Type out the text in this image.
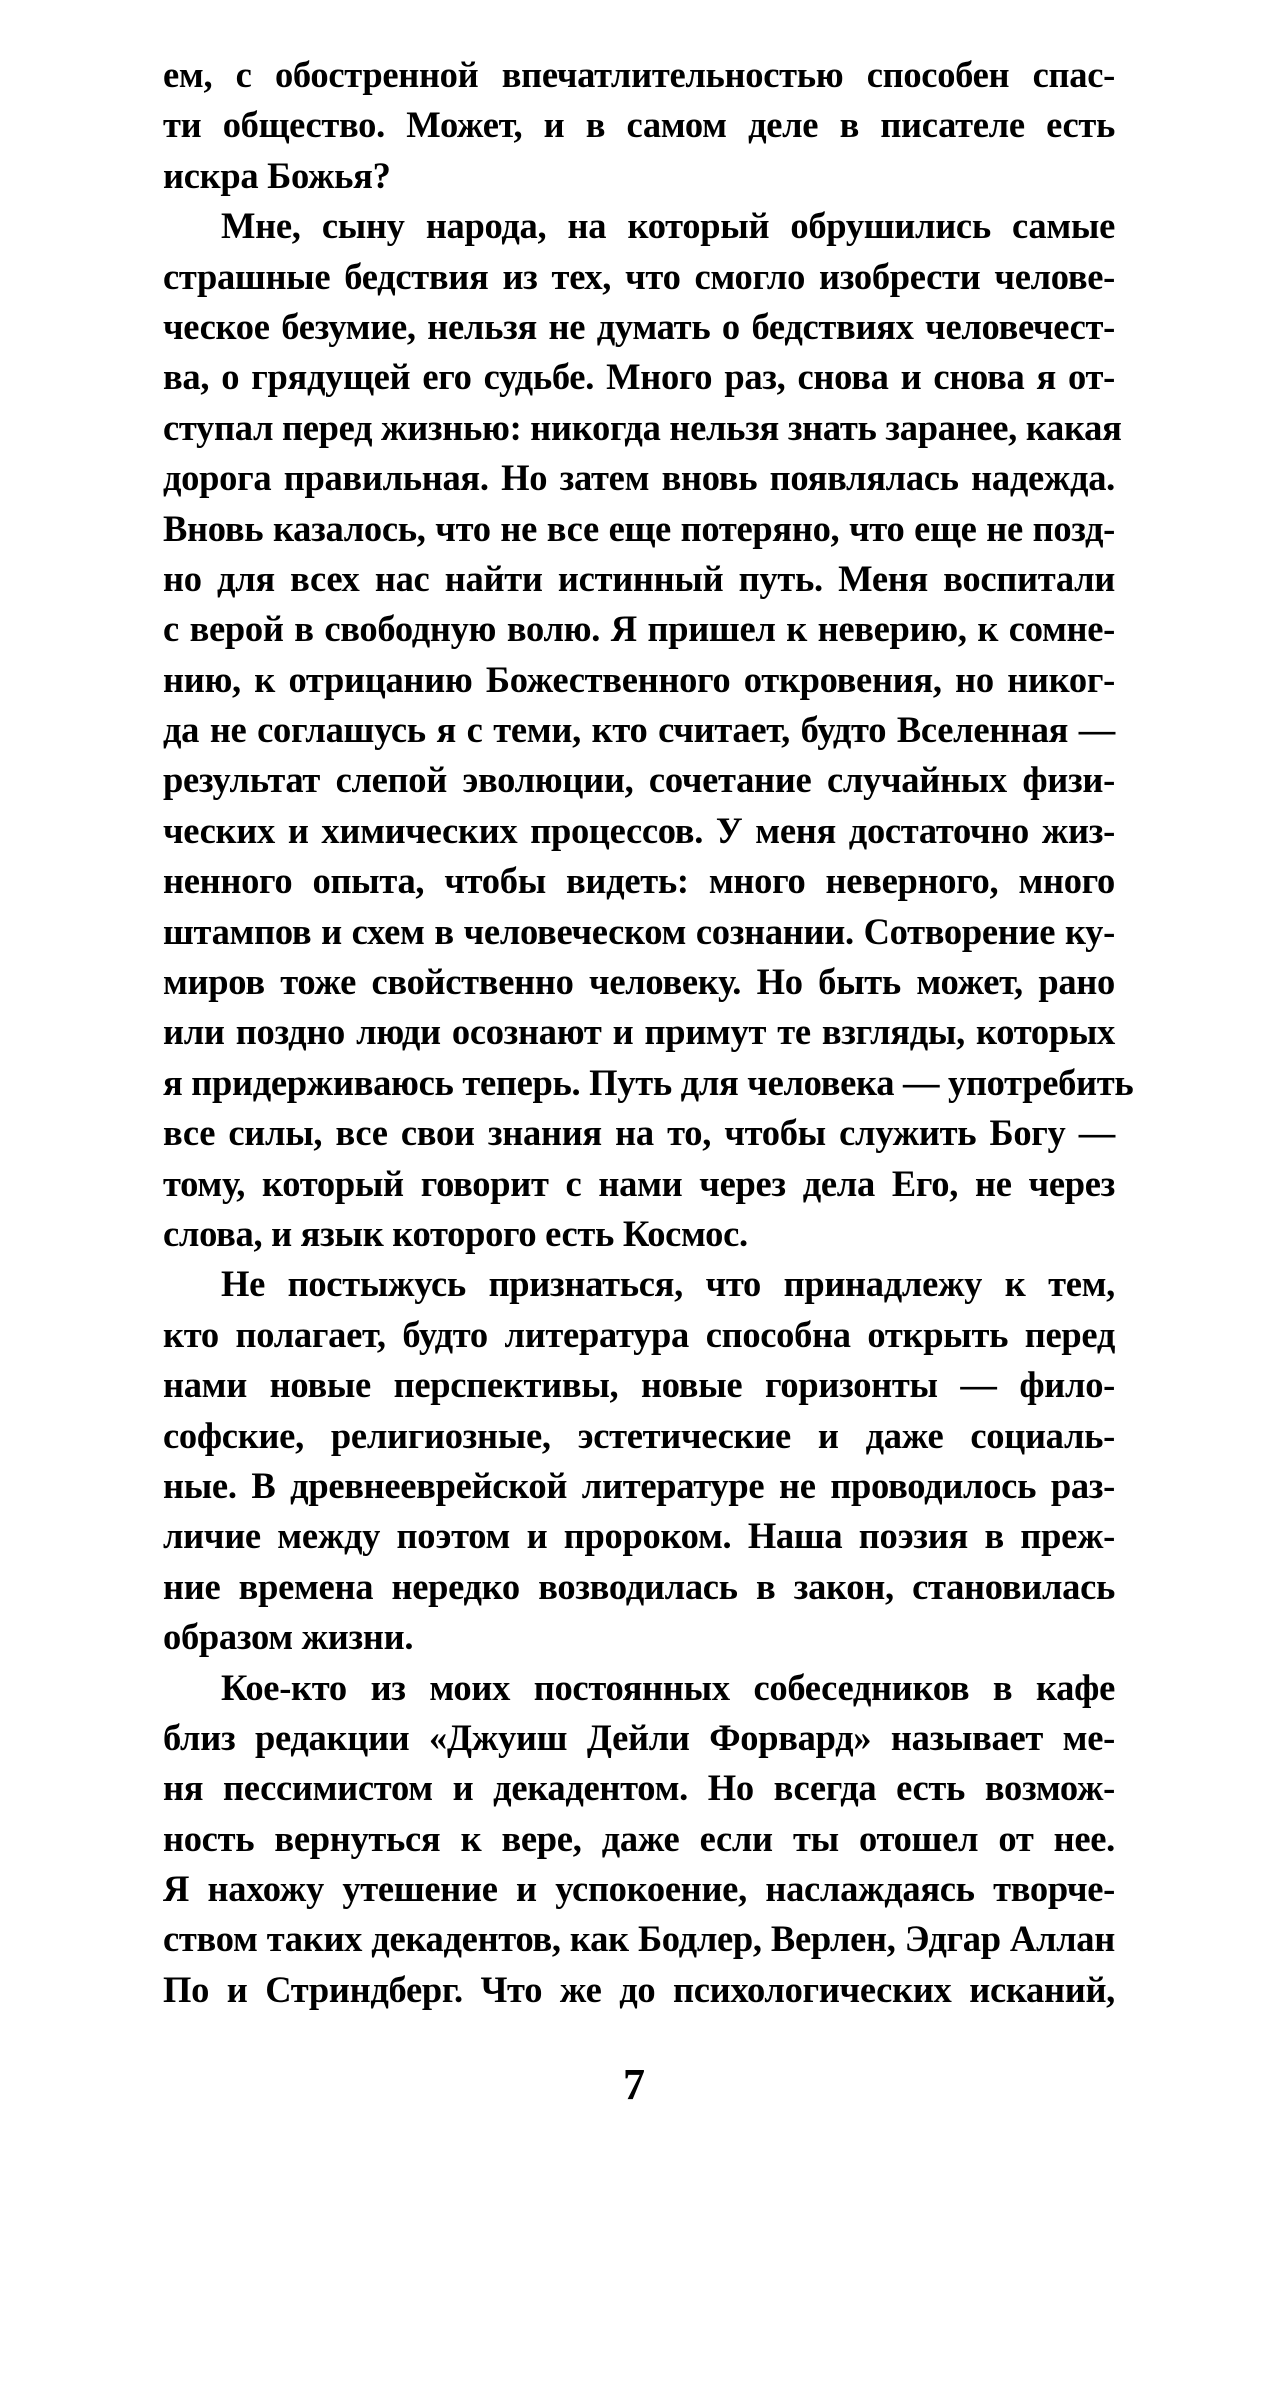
ем, с обостренной впечатлительностью способен спас-
ти общество. Может, и в самом деле в писателе есть
искра Божья?
Мне, сыну народа, на который обрушились самые
страшные бедствия из тех, что смогло изобрести челове-
ческое безумие, нельзя не думать о бедствиях человечест-
ва, о грядущей его судьбе. Много раз, снова и снова я от-
ступал перед жизнью: никогда нельзя знать заранее, какая
дорога правильная. Но затем вновь появлялась надежда.
Вновь казалось, что не все еще потеряно, что еще не позд-
но для всех нас найти истинный путь. Меня воспитали
с верой в свободную волю. Я пришел к неверию, к сомне-
нию, к отрицанию Божественного откровения, но никог-
да не соглашусь я с теми, кто считает, будто Вселенная —
результат слепой эволюции, сочетание случайных физи-
ческих и химических процессов. У меня достаточно жиз-
ненного опыта, чтобы видеть: много неверного, много
штампов и схем в человеческом сознании. Сотворение ку-
миров тоже свойственно человеку. Но быть может, рано
или поздно люди осознают и примут те взгляды, которых
я придерживаюсь теперь. Путь для человека — употребить
все силы, все свои знания на то, чтобы служить Богу —
тому, который говорит с нами через дела Его, не через
слова, и язык которого есть Космос.
Не постыжусь признаться, что принадлежу к тем,
кто полагает, будто литература способна открыть перед
нами новые перспективы, новые горизонты — фило-
софские, религиозные, эстетические и даже социаль-
ные. В древнееврейской литературе не проводилось раз-
личие между поэтом и пророком. Наша поэзия в преж-
ние времена нередко возводилась в закон, становилась
образом жизни.
Кое-кто из моих постоянных собеседников в кафе
близ редакции «Джуиш Дейли Форвард» называет ме-
ня пессимистом и декадентом. Но всегда есть возмож-
ность вернуться к вере, даже если ты отошел от нее.
Я нахожу утешение и успокоение, наслаждаясь творче-
ством таких декадентов, как Бодлер, Верлен, Эдгар Аллан
По и Стриндберг. Что же до психологических исканий,
7
